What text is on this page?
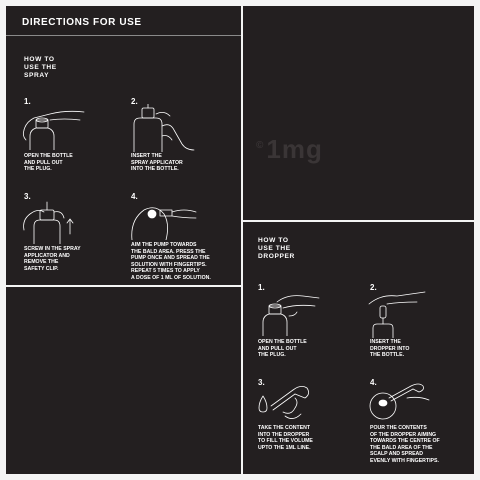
DIRECTIONS FOR USE
HOW TO
USE THE
SPRAY
1.
OPEN THE BOTTLE
AND PULL OUT
THE PLUG.
2.
INSERT THE
SPRAY APPLICATOR
INTO THE BOTTLE.
3.
SCREW IN THE SPRAY
APPLICATOR AND
REMOVE THE
SAFETY CLIP.
4.
AIM THE PUMP TOWARDS
THE BALD AREA. PRESS THE
PUMP ONCE AND SPREAD THE
SOLUTION WITH FINGERTIPS.
REPEAT 5 TIMES TO APPLY
A DOSE OF 1 ML OF SOLUTION.
©1mg
HOW TO
USE THE
DROPPER
1.
OPEN THE BOTTLE
AND PULL OUT
THE PLUG.
2.
INSERT THE
DROPPER INTO
THE BOTTLE.
3.
TAKE THE CONTENT
INTO THE DROPPER
TO FILL THE VOLUME
UPTO THE 1ML LINE.
4.
POUR THE CONTENTS
OF THE DROPPER AIMING
TOWARDS THE CENTRE OF
THE BALD AREA OF THE
SCALP AND SPREAD
EVENLY WITH FINGERTIPS.
